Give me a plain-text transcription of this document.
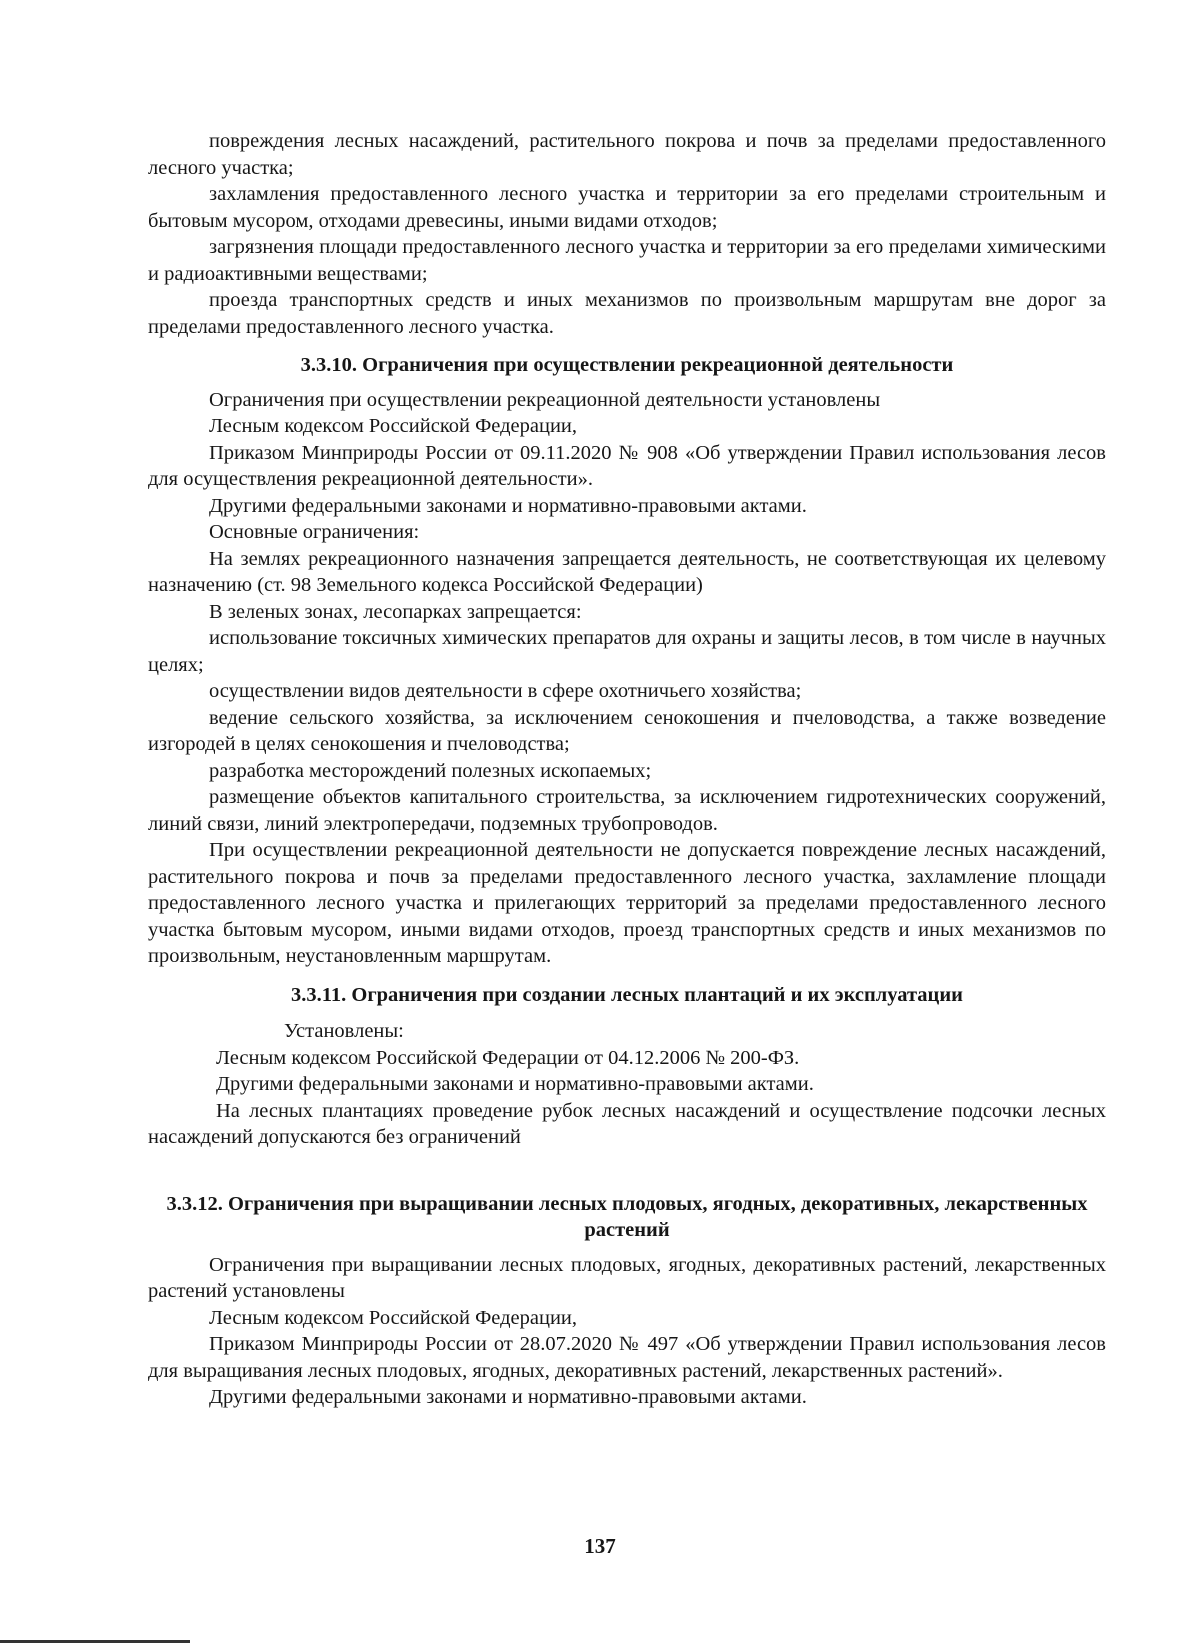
повреждения лесных насаждений, растительного покрова и почв за пределами предоставленного лесного участка;

захламления предоставленного лесного участка и территории за его пределами строительным и бытовым мусором, отходами древесины, иными видами отходов;

загрязнения площади предоставленного лесного участка и территории за его пределами химическими и радиоактивными веществами;

проезда транспортных средств и иных механизмов по произвольным маршрутам вне дорог за пределами предоставленного лесного участка.

3.3.10. Ограничения при осуществлении рекреационной деятельности

Ограничения при осуществлении рекреационной деятельности установлены

Лесным кодексом Российской Федерации,

Приказом Минприроды России от 09.11.2020 № 908 «Об утверждении Правил использования лесов для осуществления рекреационной деятельности».

Другими федеральными законами и нормативно-правовыми актами.

Основные ограничения:

На землях рекреационного назначения запрещается деятельность, не соответствующая их целевому назначению (ст. 98 Земельного кодекса Российской Федерации)

В зеленых зонах, лесопарках запрещается:

использование токсичных химических препаратов для охраны и защиты лесов, в том числе в научных целях;

осуществлении видов деятельности в сфере охотничьего хозяйства;

ведение сельского хозяйства, за исключением сенокошения и пчеловодства, а также возведение изгородей в целях сенокошения и пчеловодства;

разработка месторождений полезных ископаемых;

размещение объектов капитального строительства, за исключением гидротехнических сооружений, линий связи, линий электропередачи, подземных трубопроводов.

При осуществлении рекреационной деятельности не допускается повреждение лесных насаждений, растительного покрова и почв за пределами предоставленного лесного участка, захламление площади предоставленного лесного участка и прилегающих территорий за пределами предоставленного лесного участка бытовым мусором, иными видами отходов, проезд транспортных средств и иных механизмов по произвольным, неустановленным маршрутам.

3.3.11. Ограничения при создании лесных плантаций и их эксплуатации

Установлены:

Лесным кодексом Российской Федерации от 04.12.2006 № 200-ФЗ.

Другими федеральными законами и нормативно-правовыми актами.

На лесных плантациях проведение рубок лесных насаждений и осуществление подсочки лесных насаждений допускаются без ограничений

3.3.12. Ограничения при выращивании лесных плодовых, ягодных, декоративных, лекарственных растений

Ограничения при выращивании лесных плодовых, ягодных, декоративных растений, лекарственных растений установлены

Лесным кодексом Российской Федерации,

Приказом Минприроды России от 28.07.2020 № 497 «Об утверждении Правил использования лесов для выращивания лесных плодовых, ягодных, декоративных растений, лекарственных растений».

Другими федеральными законами и нормативно-правовыми актами.

137
